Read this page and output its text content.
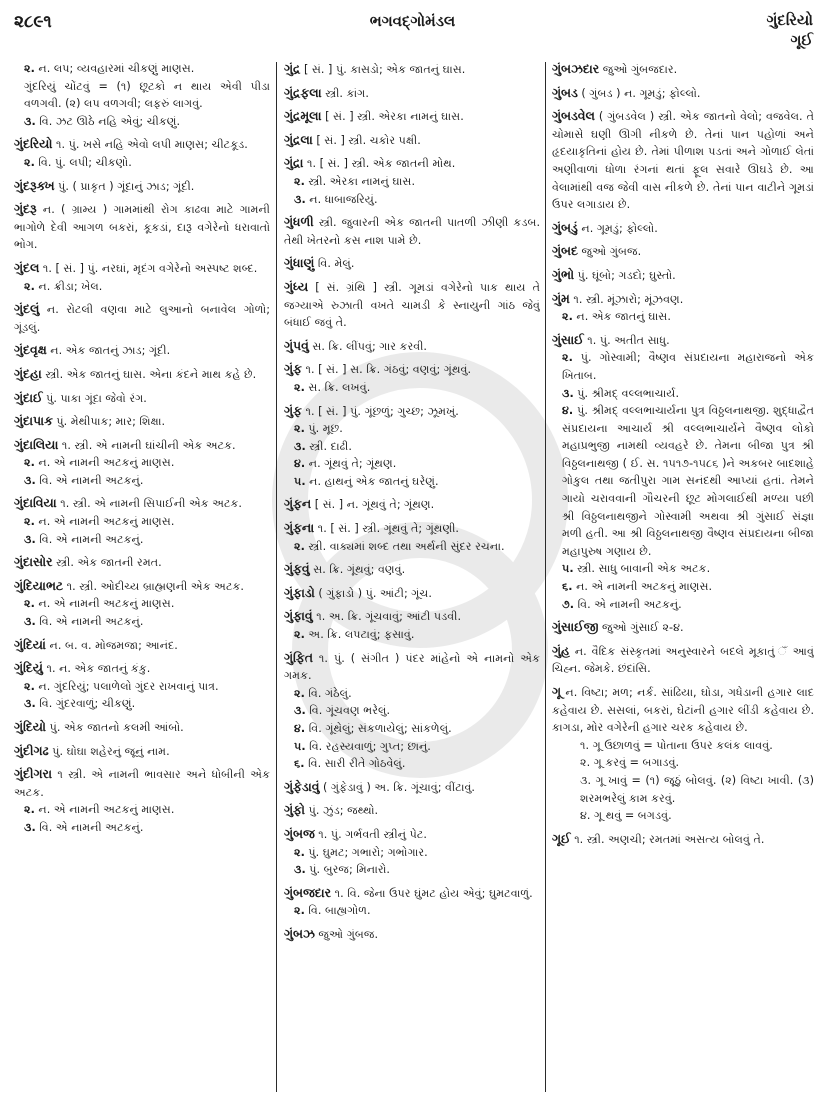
૨૮૯૧	ભગવદ્ગોમંડલ	ગુંદરિયો
ગૂઈ
૨. ન. લપ; વ્યવહારમાં ચીકણું માણસ.
ગુંદરિયું ચોંટવું = (૧) છૂટકો ન થાય એવી પીડા વળગવી. (૨) લપ વળગવી; લફરું લાગવું.
૩. વિ. ઝટ ઊઠે નહિ એવું; ચીકણું.
ગુંદરિયો ૧. પું. ખસે નહિ એવો લપી માણસ; ચીટકૂડ.
૨. વિ. પું. લપી; ચીકણો.
ગુંદરૂક્ખ પું. ( પ્રાકૃત ) ગૂંદાનું ઝાડ; ગૂંદી.
ગુંદરૂ ન. ( ગ્રામ્ય ) ગામમાંથી રોગ કાઢવા માટે ગામની ભાગોળે દેવી આગળ બકરાં, કૂકડાં, દારૂ વગેરેનો ધરાવાતો ભોગ.
ગુંદલ ૧. [ સં. ] પું. નરઘાં, મૃદંગ વગેરેનો અસ્પષ્ટ શબ્દ.
૨. ન. ક્રીડા; ખેલ.
ગુંદલું ન. રોટલી વણવા માટે લુઆનો બનાવેલ ગોળો; ગૂંડલું.
ગુંદવૃક્ષ ન. એક જાતનું ઝાડ; ગૂંદી.
ગુંદહા સ્ત્રી. એક જાતનું ઘાસ. એના કંદને માથ કહે છે.
ગુંદાઈ પું. પાકા ગૂંદા જેવો રંગ.
ગુંદાપાક પું. મેથીપાક; માર; શિક્ષા.
ગુંદાલિયા ૧. સ્ત્રી. એ નામની ઘાંચીની એક અટક.
૨. ન. એ નામની અટકનું માણસ.
૩. વિ. એ નામની અટકનું.
ગુંદાવિયા ૧. સ્ત્રી. એ નામની સિપાઈની એક અટક.
૨. ન. એ નામની અટકનું માણસ.
૩. વિ. એ નામની અટકનું.
ગુંદાસોર સ્ત્રી. એક જાતની રમત.
ગુંદિયાભટ ૧. સ્ત્રી. ઓદીચ્ય બ્રાહ્મણની એક અટક.
૨. ન. એ નામની અટકનું માણસ.
૩. વિ. એ નામની અટકનું.
ગુંદિયાં ન. બ. વ. મોજમજા; આનંદ.
ગુંદિયું ૧. ન. એક જાતનું કંકુ.
૨. ન. ગુંદરિયું; પલાળેલો ગુંદર રાખવાનું પાત્ર.
૩. વિ. ગુંદરવાળું; ચીકણું.
ગુંદિયો પું. એક જાતનો કલમી આંબો.
ગુંદીગઢ પું. ઘોઘા શહેરનું જૂનું નામ.
ગુંદીગરા ૧ સ્ત્રી. એ નામની ભાવસાર અને ધોબીની એક અટક.
૨. ન. એ નામની અટકનું માણસ.
૩. વિ. એ નામની અટકનું.
ગુંદ્ર [ સં. ] પું. કાસડો; એક જાતનું ઘાસ.
ગુંદ્રફલા સ્ત્રી. કાંગ.
ગુંદ્રમૂલા [ સં. ] સ્ત્રી. એરકા નામનું ઘાસ.
ગુંદ્રલા [ સં. ] સ્ત્રી. ચકોર પક્ષી.
ગુંદ્રા ૧. [ સં. ] સ્ત્રી. એક જાતની મોથ.
૨. સ્ત્રી. એરકા નામનું ઘાસ.
૩. ન. ધાબાજરિયું.
ગુંધળી સ્ત્રી. જુવારની એક જાતની પાતળી ઝીણી કડબ. તેથી ખેતરનો કસ નાશ પામે છે.
ગુંધાણું વિ. મેલું.
ગુંધ્ય [ સં. ગ્રંથિ ] સ્ત્રી. ગૂમડાં વગેરેનો પાક થાય તે જગ્યાએ રુઝાતી વખતે ચામડી કે સ્નાયુની ગાંઠ જેવું બંધાઈ જવું તે.
ગુંપવું સ. ક્રિ. લીંપવું; ગાર કરવી.
ગુંફ ૧. [ સં. ] સ. ક્રિ. ગંઠવું; વણવું; ગૂંથવું.
૨. સ. ક્રિ. લખવું.
ગુંફ ૧. [ સં. ] પું. ગૂંછળું; ગુચ્છ; ઝૂમખું.
૨. પું. મૂછ.
૩. સ્ત્રી. દાઢી.
૪. ન. ગૂંથવું તે; ગૂંથણ.
૫. ન. હાથનું એક જાતનું ઘરેણું.
ગુંફન [ સં. ] ન. ગૂંથવું તે; ગૂંથણ.
ગુંફના ૧. [ સં. ] સ્ત્રી. ગૂંથવું તે; ગૂંથણી.
૨. સ્ત્રી. વાક્યમાં શબ્દ તથા અર્થની સુંદર રચના.
ગુંફવું સ. ક્રિ. ગૂંથવું; વણવું.
ગુંફાડો ( ગુંફાડો ) પું. આંટી; ગૂંચ.
ગુંફાવું ૧. અ. ક્રિ. ગૂંચવાવું; આંટી પડવી.
૨. અ. ક્રિ. લપટાવું; ફસાવું.
ગુંફિત ૧. પું. ( સંગીત ) પંદર માંહેનો એ નામનો એક ગમક.
૨. વિ. ગંઠેલું.
૩. વિ. ગૂંચવણ ભરેલું.
૪. વિ. ગૂંથેલું; સંકળાયેલું; સાંકળેલું.
૫. વિ. રહસ્યવાળું; ગુપ્ત; છાનું.
૬. વિ. સારી રીતે ગોઠવેલું.
ગુંફેડાવું ( ગુંફેડાવું ) અ. ક્રિ. ગૂંચાવું; વીંટાવું.
ગુંફો પું. ઝુંડ; જથ્થો.
ગુંબજ ૧. પું. ગર્ભવતી સ્ત્રીનું પેટ.
૨. પું. ઘુમટ; ગભારો; ગભોગાર.
૩. પું. બુરજ; મિનારો.
ગુંબજદાર ૧. વિ. જેના ઉપર ઘુંમટ હોય એવું; ઘુમટવાળું.
૨. વિ. બાહ્યગોળ.
ગુંબઝ જુઓ ગુંબજ.
ગુંબઝદાર જુઓ ગુંબજદાર.
ગુંબડ ( ગુંબડ ) ન. ગૂમડું; ફોલ્લો.
ગુંબડવેલ ( ગુંબડવેલ ) સ્ત્રી. એક જાતનો વેલો; વજવેલ. તે ચોમાસે ઘણી ઊગી નીકળે છે. તેનાં પાન પહોળાં અને હૃદયાકૃતિનાં હોય છે. તેમાં પીળાશ પડતાં અને ગોળાઈ લેતાં અણીવાળાં ધોળા રંગનાં થતાં ફૂલ સવારે ઊઘડે છે. આ વેલામાંથી વજ જેવી વાસ નીકળે છે. તેનાં પાન વાટીને ગૂમડાં ઉપર લગાડાય છે.
ગુંબડું ન. ગૂમડું; ફોલ્લો.
ગુંબદ જુઓ ગુંબજ.
ગુંભો પું. ઘૂંબો; ગડદો; ઘુસ્તો.
ગુંમ ૧. સ્ત્રી. મૂંઝારો; મૂંઝવણ.
૨. ન. એક જાતનું ઘાસ.
ગુંસાઈ ૧. પું. અતીત સાધુ.
૨. પું. ગોસ્વામી; વૈષ્ણવ સંપ્રદાયના મહારાજનો એક ખિતાબ.
૩. પું. શ્રીમદ્ વલ્લભાચાર્ય.
૪. પું. શ્રીમદ્ વલ્લભાચાર્યના પુત્ર વિઠ્ઠલનાથજી. શુદ્ધાદ્વૈત સંપ્રદાયના આચાર્ય શ્રી વલ્લભાચાર્યને વૈષ્ણવ લોકો મહાપ્રભુજી નામથી વ્યવહરે છે. તેમના બીજા પુત્ર શ્રી વિઠ્ઠલનાથજી ( ઈ. સ. ૧૫૧૭-૧૫૮૬ )ને અકબર બાદશાહે ગોકુલ તથા જતીપુરા ગામ સનંદથી આપ્યાં હતાં. તેમને ગાયો ચરાવવાની ગૌચરની છૂટ મોગલાઈથી મળ્યા પછી શ્રી વિઠ્ઠલનાથજીને ગોસ્વામી અથવા શ્રી ગુંસાઈ સંજ્ઞા મળી હતી. આ શ્રી વિઠ્ઠલનાથજી વૈષ્ણવ સંપ્રદાયના બીજા મહાપુરુષ ગણાય છે.
૫. સ્ત્રી. સાધુ બાવાની એક અટક.
૬. ન. એ નામની અટકનું માણસ.
૭. વિ. એ નામની અટકનું.
ગુંસાઈજી જુઓ ગુંસાઈ ૨-૪.
ગુંહ ન. વૈદિક સંસ્કૃતમાં અનુસ્વારને બદલે મૂકાતું ઁ આવું ચિહ્ન. જેમકે. છંદાંસિ.
ગૂ ન. વિષ્ટા; મળ; નર્ક. સાંઢિયા, ઘોડા, ગધેડાની હગાર લાદ કહેવાય છે. સસલાં, બકરાં, ઘેટાંની હગાર લીંડી કહેવાય છે. કાગડા, મોર વગેરેની હગાર ચરક કહેવાય છે.
૧. ગૂ ઉછાળવું = પોતાના ઉપર કલંક લાવવું.
૨. ગૂ કરવું = બગાડવું.
૩. ગૂ ખાવું = (૧) જૂઠું બોલવું. (૨) વિષ્ટા ખાવી. (૩) શરમભરેલું કામ કરવું.
૪. ગૂ થવું = બગડવું.
ગૂઈ ૧. સ્ત્રી. અણચી; રમતમાં અસત્ય બોલવું તે.
